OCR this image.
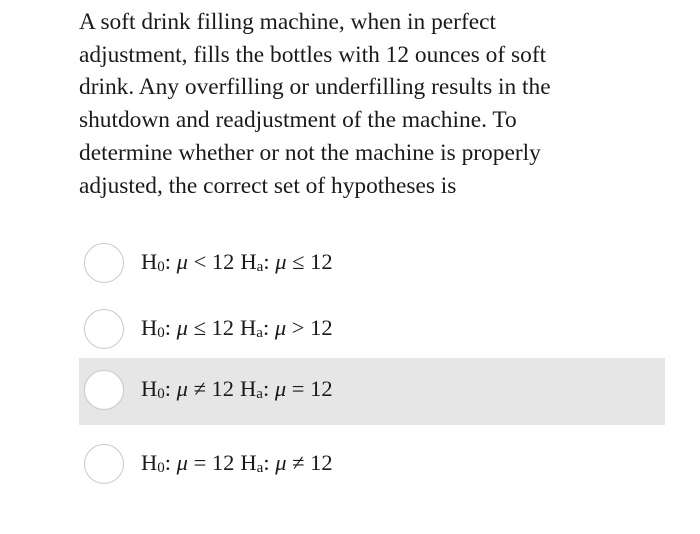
A soft drink filling machine, when in perfect
adjustment, fills the bottles with 12 ounces of soft
drink. Any overfilling or underfilling results in the
shutdown and readjustment of the machine. To
determine whether or not the machine is properly
adjusted, the correct set of hypotheses is

$H_0$: μ < 12 $H_a$: μ ≤ 12
$H_0$: μ ≤ 12 $H_a$: μ > 12
$H_0$: μ ≠ 12 $H_a$: μ = 12
$H_0$: μ = 12 $H_a$: μ ≠ 12
